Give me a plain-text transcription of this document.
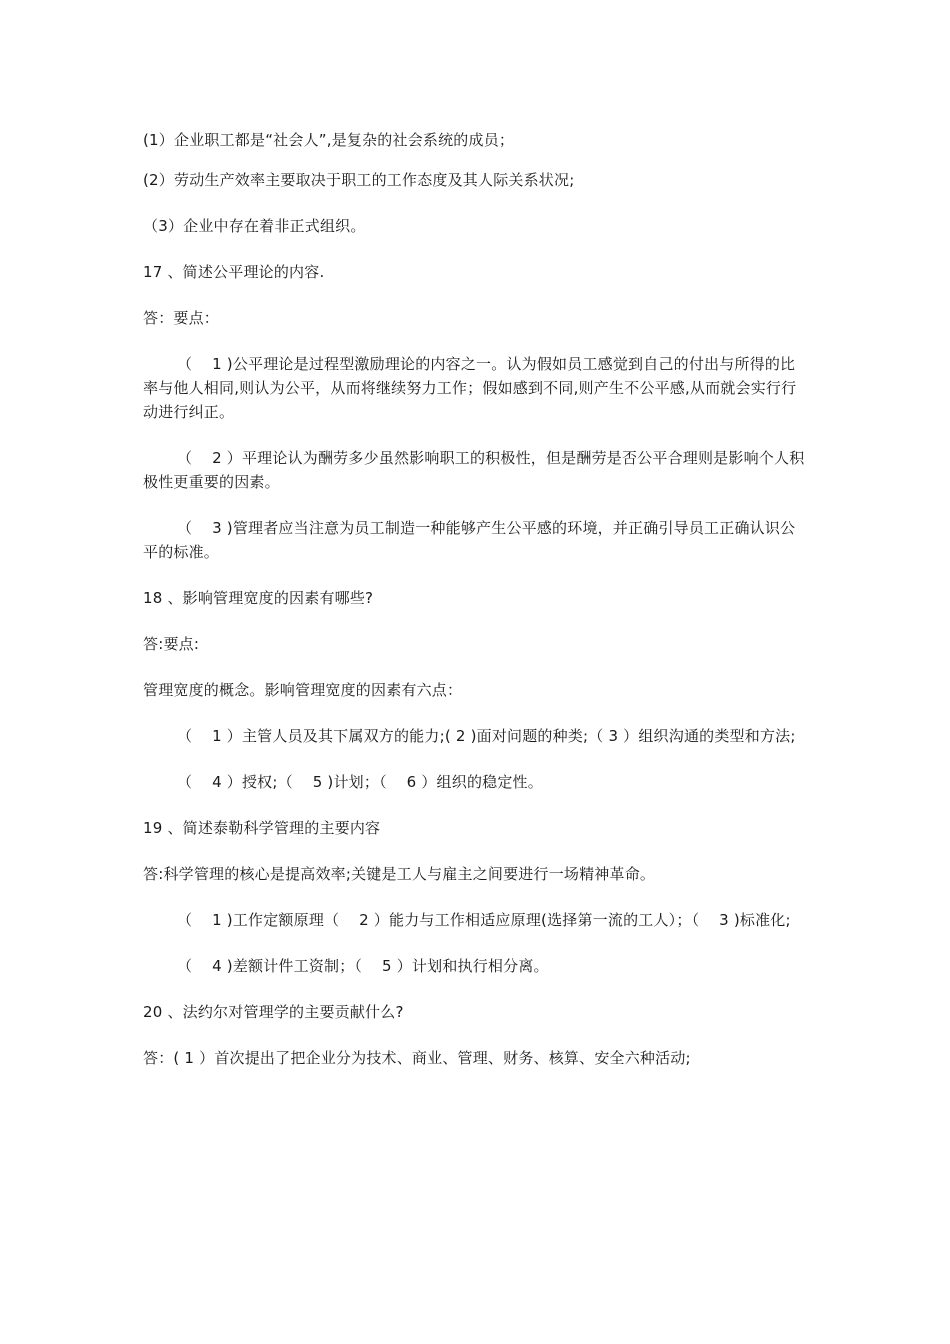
(1）企业职工都是“社会人”,是复杂的社会系统的成员；

(2）劳动生产效率主要取决于职工的工作态度及其人际关系状况;

（3）企业中存在着非正式组织。

17 、简述公平理论的内容.

答：要点：

（    1 )公平理论是过程型激励理论的内容之一。认为假如员工感觉到自己的付出与所得的比率与他人相同,则认为公平，从而将继续努力工作；假如感到不同,则产生不公平感,从而就会实行行动进行纠正。

（    2 ）平理论认为酬劳多少虽然影响职工的积极性，但是酬劳是否公平合理则是影响个人积极性更重要的因素。

（    3 )管理者应当注意为员工制造一种能够产生公平感的环境，并正确引导员工正确认识公平的标准。

18 、影响管理宽度的因素有哪些?

答:要点:

管理宽度的概念。影响管理宽度的因素有六点：

（    1 ）主管人员及其下属双方的能力;( 2 )面对问题的种类;（ 3 ）组织沟通的类型和方法;

（    4 ）授权;（    5 )计划；（    6 ）组织的稳定性。

19 、简述泰勒科学管理的主要内容

答:科学管理的核心是提高效率;关键是工人与雇主之间要进行一场精神革命。

（    1 )工作定额原理（    2 ）能力与工作相适应原理(选择第一流的工人）；（    3 )标准化;

（    4 )差额计件工资制；（    5 ）计划和执行相分离。

20 、法约尔对管理学的主要贡献什么?

答：( 1 ）首次提出了把企业分为技术、商业、管理、财务、核算、安全六种活动;
